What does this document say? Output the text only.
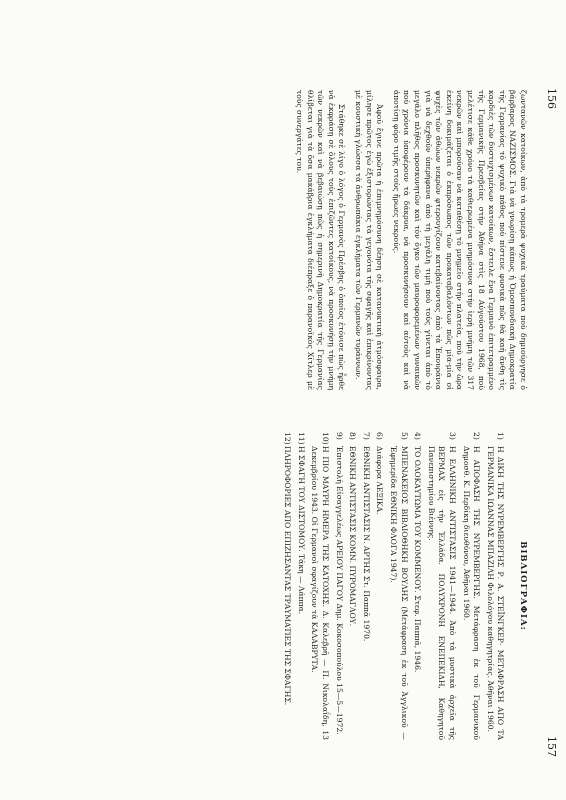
156
157

ζωντανῶν κατοίκων, ἀπὸ τὰ τρομερὰ ψυχικὰ τραύματα ποὺ δημιούργησε ὁ βάρβαρος ΝΑΖΙΣΜΟΣ. Γιὰ νὰ γνωρίσῃ κάπως ἡ Ὁμοσπονδιακὴ Δημοκρατία τῆς Γερμανίας τὸ ψυχικὸ πάθος ποὺ πίστευε φυσικὰ πῶς θὰ καῆ ἄνθη τὶς καρδιὲς τῶν δυστυχισμένων κατοίκων, ἔστειλε ἕνα Γερμανὸ ἐπιτετραμμένο τῆς Γερμανικῆς Πρεσβείας στὴν Ἀθήνα στὶς 18 Αὐγούστου 1968, ποὺ μελέτισε κάθε χρόνο τὰ καθιερωμένα μνημόσυνα στὴν ἱερὴ μνήμη τῶν 317 νεκρῶν καὶ μπορούσαν νὰ καταθέσῃ τὸ μνημεῖο στὴν πλατεία, ποὺ τὴν ὥρα ἐκείνη δοκιμάζεται ὁ ἐκπρόσωπος τῶν προκαταβαλόντων πῶς μία-μία οἱ ψυχὲς τῶν ἀθώων νεκρῶν φτερουγίζουν κατεβαίνοντας ἀπὸ τὰ Ἐπουράνια γιὰ νὰ δεχθοῦν ὑπερήφανα ἀπὸ τὴ μεγάλη τιμὴ ποὺ τοὺς γίνεται ἀπὸ τὸ μεγάλο πλῆθος προσκυνητῶν καὶ τὸν ὄγκο τῶν μαυροφορεμένων γυναικῶν ποὺ χρόνια ὑποφέρουν τὰ δάκρυα, νὰ προσκυνήσουν καὶ αὐτοὺς καὶ νὰ ἀποτίσῃ φόρο τιμῆς στοὺς ἥρωες νεκρούς.

Ἀφοῦ ἔγινε πρῶτα ἡ ἐπιμνημόσυνη δέηση σὲ κατανυκτικὴ ἀτμόσφαιρα, μίλησε πρῶτος ἐγὼ ἐξιστορώντας τὰ γεγονότα τῆς σφαγῆς καὶ ἐπικρίνοντας μὲ κουστικὴ γλώσσα τὰ ἀνθρωπάκια ἐγκλήματα τῶν Γερμανῶν τυράννων.

Στάθηκε σὲ λίγο ὁ λόγος ὁ Γερμανὸς Πρέσβης ὁ ὁποῖος ἐτόνισε πὼς ἦρθε νὰ ἐκφράσῃ σὲ ὅλους τοὺς ἐπιζῶντες κατοίκους, νὰ προσκυνήσῃ τὴν μνήμη τῶν νεκρῶν καὶ νὰ βεβαιώσῃ πῶς ἡ σημερινὴ Δημοκρατία τῆς Γερμανίας θλίβεται γιὰ τὰ ὅσα μακάβρια ἐγκλήματα διέπραξε ὁ παρανοϊκὸς Χίτλερ μὲ τοὺς συνεργάτες του.

ΒΙΒΛΙΟΓΡΑΦΙΑ:
1)
Η ΔΙΚΗ ΤΗΣ ΝΥΡΕΜΒΕΡΓΗΣ Ρ. Α. ΣΤΕΪΝΓΚΕΡ· ΜΕΤΑΦΡΑΣΗ ΑΠΟ ΤΑ ΓΕΡΜΑΝΙΚΑ ΙΩΑΝΝΑΣ ΜΠΑΖΙΛΗ Φιλολόγου καθηγητρίας. Ἀθῆναι 1960.
2)
Η ΑΠΟΦΑΣΗ ΤΗΣ ΝΥΡΕΜΒΕΡΓΗΣ. Μετάφραση ἐκ τοῦ Γερμανικοῦ Δημοσθ. Κ. Περδίκη διευθύνου, Ἀθῆναι 1960.
3)
Η ΕΛΛΗΝΙΚΗ ΑΝΤΙΣΤΑΣΙΣ 1941—1944. Ἀπὸ τὰ μυστικὰ ἀρχεῖα τῆς ΒΕΡΜΑΧ εἰς τὴν Ἑλλάδα. ΠΟΛΥΧΡΟΝΗ ΕΝΕΠΕΚΙΔΗ, Καθηγητοῦ Πανεπιστημίου Βιέννης.
4)
ΤΟ ΟΛΟΚΑΥΤΩΜΑ ΤΟΥ ΚΟΜΜΕΝΟΥ. Στεφ. Παππᾶ, 1946.
5)
ΜΠΕΝΑΚΕΙΟΣ ΒΙΒΛΙΟΘΗΚΗ ΒΟΥΛΗΣ (Μετάφραση ἐκ τοῦ Ἀγγλικοῦ — Ἐφημερίδα ΕΘΝΙΚΗ ΦΛΟΓΑ 1947).
6)
Διάφορα ΛΕΞΙΚΑ.
7)
ΕΘΝΙΚΗ ΑΝΤΙΣΤΑΣΙΣ Ν. ΑΡΤΗΣ Στ. Παππᾶ 1970.
8)
ΕΘΝΙΚΗ ΑΝΤΙΣΤΑΣΙΣ ΚΟΜΝ. ΠΥΡΟΜΑΓΛΟΥ.
9)
Ἐπιστολὴ Εἰσαγγελέως ΑΡΕΙΟΥ ΠΑΓΟΥ Δημ. Κοκοσοπούλου 15—5—1972.
10)
Η ΠΙΟ ΜΑΥΡΗ ΗΜΕΡΑ ΤΗΣ ΚΑΤΟΧΗΣ. Δ. Καλεβρῆ — Π. Νικολαΐδη, 13 Δεκεμβρίου 1943. Οἱ Γερμανοὶ σφαγίζουν τὰ ΚΑΛΑΒΡΥΤΑ.
11)
Η ΣΦΑΓΗ ΤΟΥ ΔΙΣΤΟΜΟΥ. Τάκη — Λάππα.
12)
ΠΛΗΡΟΦΟΡΙΕΣ ΑΠΟ ΕΠΙΖΗΣΑΝΤΑΣ ΤΡΑΥΜΑΤΙΕΣ ΤΗΣ ΣΦΑΓΗΣ.
